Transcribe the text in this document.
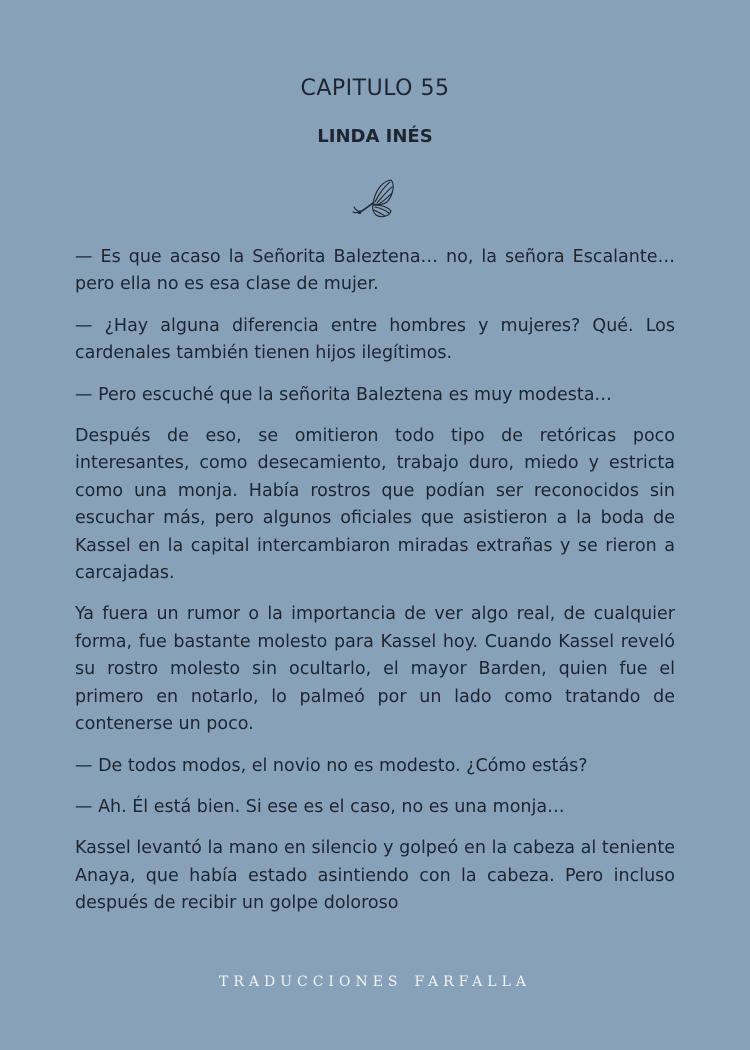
CAPITULO 55
LINDA INÉS

— Es que acaso la Señorita Baleztena… no, la señora Escalante… pero ella no es esa clase de mujer.

— ¿Hay alguna diferencia entre hombres y mujeres? Qué. Los cardenales también tienen hijos ilegítimos.

— Pero escuché que la señorita Baleztena es muy modesta…

Después de eso, se omitieron todo tipo de retóricas poco interesantes, como desecamiento, trabajo duro, miedo y estricta como una monja. Había rostros que podían ser reconocidos sin escuchar más, pero algunos oficiales que asistieron a la boda de Kassel en la capital intercambiaron miradas extrañas y se rieron a carcajadas.

Ya fuera un rumor o la importancia de ver algo real, de cualquier forma, fue bastante molesto para Kassel hoy. Cuando Kassel reveló su rostro molesto sin ocultarlo, el mayor Barden, quien fue el primero en notarlo, lo palmeó por un lado como tratando de contenerse un poco.

— De todos modos, el novio no es modesto. ¿Cómo estás?

— Ah. Él está bien. Si ese es el caso, no es una monja…

Kassel levantó la mano en silencio y golpeó en la cabeza al teniente Anaya, que había estado asintiendo con la cabeza. Pero incluso después de recibir un golpe doloroso

TRADUCCIONES FARFALLA
